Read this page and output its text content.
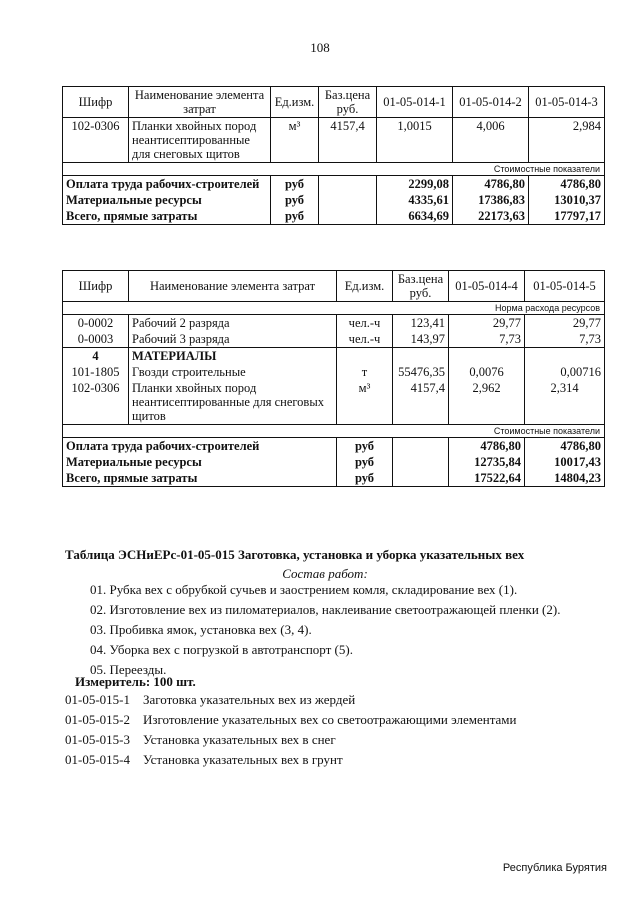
108
Шифр	Наименование элемента затрат	Ед.изм.	Баз.цена руб.	01-05-014-1	01-05-014-2	01-05-014-3
102-0306	Планки хвойных пород неантисептированные для снеговых щитов	м³	4157,4	1,0015	4,006	2,984
Стоимостные показатели						
Оплата труда рабочих-строителей		руб		2299,08	4786,80	4786,80
Материальные ресурсы		руб		4335,61	17386,83	13010,37
Всего, прямые затраты		руб		6634,69	22173,63	17797,17
Шифр	Наименование элемента затрат	Ед.изм.	Баз.цена руб.	01-05-014-4	01-05-014-5
Норма расхода ресурсов					
0-0002	Рабочий 2 разряда	чел.-ч	123,41	29,77	29,77
0-0003	Рабочий 3 разряда	чел.-ч	143,97	7,73	7,73
4	МАТЕРИАЛЫ				
101-1805	Гвозди строительные	т	55476,35	0,0076	0,00716
102-0306	Планки хвойных пород неантисептированные для снеговых щитов	м³	4157,4	2,962	2,314
Стоимостные показатели					
Оплата труда рабочих-строителей		руб		4786,80	4786,80
Материальные ресурсы		руб		12735,84	10017,43
Всего, прямые затраты		руб		17522,64	14804,23
Таблица ЭСНиЕРс-01-05-015 Заготовка, установка и уборка указательных вех
Состав работ:
01. Рубка вех с обрубкой сучьев и заострением комля, складирование вех (1).
02. Изготовление вех из пиломатериалов, наклеивание светоотражающей пленки (2).
03. Пробивка ямок, установка вех (3, 4).
04. Уборка вех с погрузкой в автотранспорт (5).
05. Переезды.
Измеритель: 100 шт.
01-05-015-1	Заготовка указательных вех из жердей
01-05-015-2	Изготовление указательных вех со светоотражающими элементами
01-05-015-3	Установка указательных вех в снег
01-05-015-4	Установка указательных вех в грунт
Республика Бурятия
